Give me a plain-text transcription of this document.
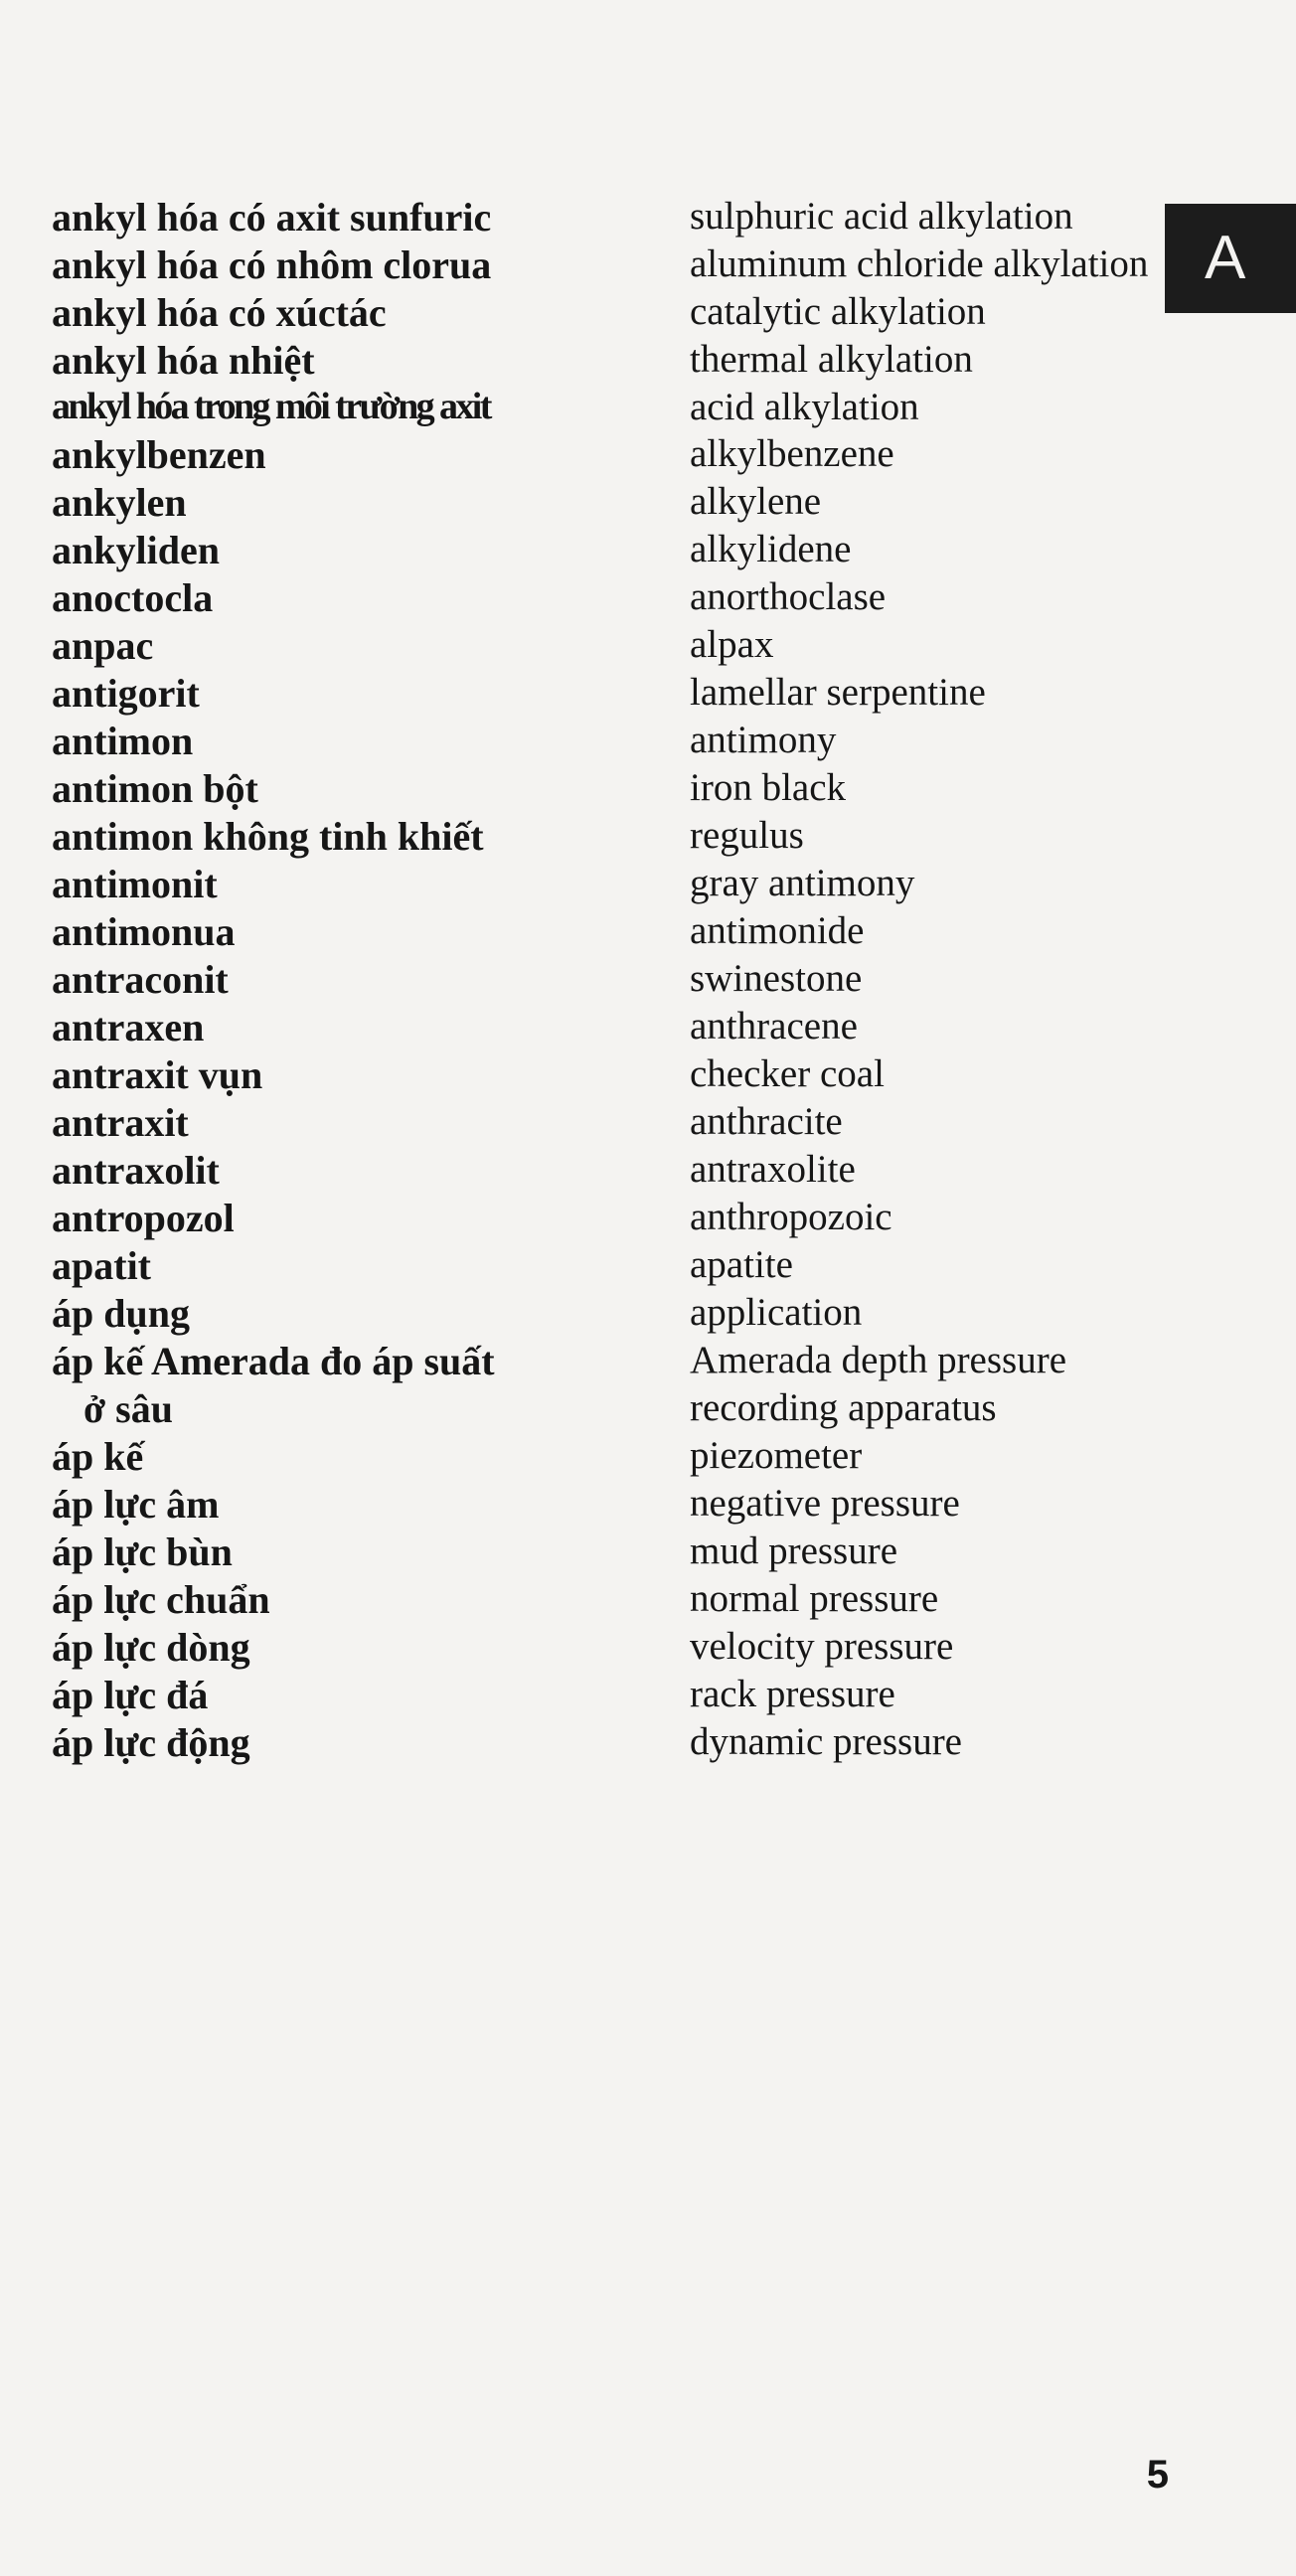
A
ankyl hóa có axit sunfuric	sulphuric acid alkylation
ankyl hóa có nhôm clorua	aluminum chloride alkylation
ankyl hóa có xúctác	catalytic alkylation
ankyl hóa nhiệt	thermal alkylation
ankyl hóa trong môi trường axit	acid alkylation
ankylbenzen	alkylbenzene
ankylen	alkylene
ankyliden	alkylidene
anoctocla	anorthoclase
anpac	alpax
antigorit	lamellar serpentine
antimon	antimony
antimon bột	iron black
antimon không tinh khiết	regulus
antimonit	gray antimony
antimonua	antimonide
antraconit	swinestone
antraxen	anthracene
antraxit vụn	checker coal
antraxit	anthracite
antraxolit	antraxolite
antropozol	anthropozoic
apatit	apatite
áp dụng	application
áp kế Amerada đo áp suất	Amerada depth pressure
ở sâu	recording apparatus
áp kế	piezometer
áp lực âm	negative pressure
áp lực bùn	mud pressure
áp lực chuẩn	normal pressure
áp lực dòng	velocity pressure
áp lực đá	rack pressure
áp lực động	dynamic pressure
5
